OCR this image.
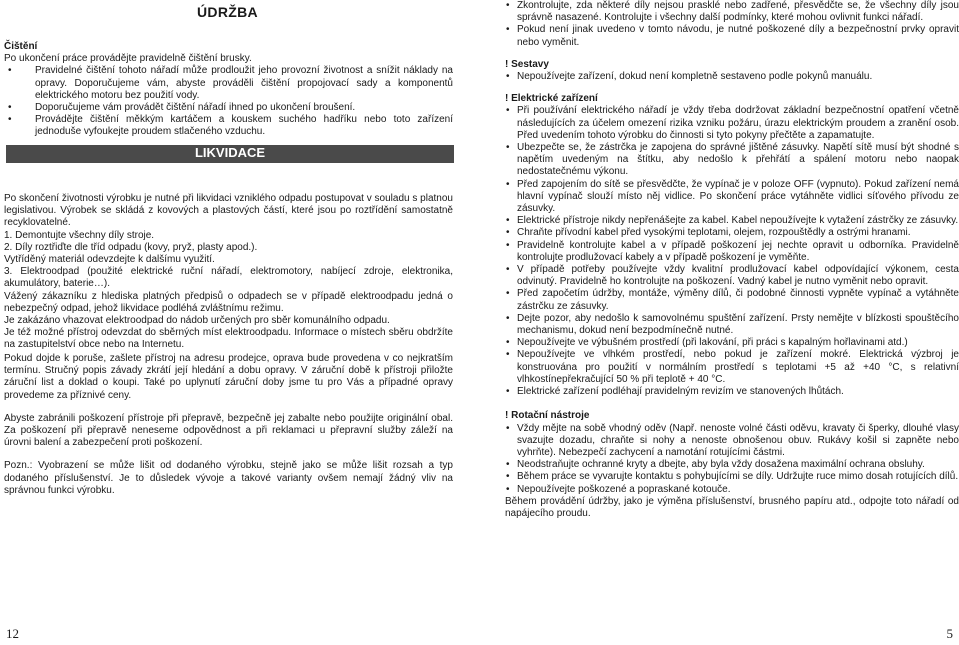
ÚDRŽBA
Čištění

Po ukončení práce provádějte pravidelně čištění brusky.

• Pravidelné čištění tohoto nářadí může prodloužit jeho provozní životnost a snížit náklady na opravy. Doporučujeme vám, abyste prováděli čištění propojovací sady a komponentů elektrického motoru bez použití vody.
• Doporučujeme vám provádět čištění nářadí ihned po ukončení broušení.
• Provádějte čištění měkkým kartáčem a kouskem suchého hadříku nebo toto zařízení jednoduše vyfoukejte proudem stlačeného vzduchu.
LIKVIDACE

Po skončení životnosti výrobku je nutné při likvidaci vzniklého odpadu postupovat v souladu s platnou legislativou. Výrobek se skládá z kovových a plastových částí, které jsou po roztřídění samostatně recyklovatelné.

1. Demontujte všechny díly stroje.

2. Díly roztřiďte dle tříd odpadu (kovy, pryž, plasty apod.).

Vytříděný materiál odevzdejte k dalšímu využití.

3. Elektroodpad (použité elektrické ruční nářadí, elektromotory, nabíjecí zdroje, elektronika, akumulátory, baterie…).

Vážený zákazníku z hlediska platných předpisů o odpadech se v případě elektroodpadu jedná o nebezpečný odpad, jehož likvidace podléhá zvláštnímu režimu.

Je zakázáno vhazovat elektroodpad do nádob určených pro sběr komunálního odpadu.

Je též možné přístroj odevzdat do sběrných míst elektroodpadu. Informace o místech sběru obdržíte na zastupitelství obce nebo na Internetu.

Pokud dojde k poruše, zašlete přístroj na adresu prodejce, oprava bude provedena v co nejkratším termínu. Stručný popis závady zkrátí její hledání a dobu opravy. V záruční době k přístroji přiložte záruční list a doklad o koupi. Také po uplynutí záruční doby jsme tu pro Vás a případné opravy provedeme za příznivé ceny.

Abyste zabránili poškození přístroje při přepravě, bezpečně jej zabalte nebo použijte originální obal. Za poškození při přepravě neneseme odpovědnost a při reklamaci u přepravní služby záleží na úrovni balení a zabezpečení proti poškození.

Pozn.: Vyobrazení se může lišit od dodaného výrobku, stejně jako se může lišit rozsah a typ dodaného příslušenství. Je to důsledek vývoje a takové varianty ovšem nemají žádný vliv na správnou funkci výrobku.

• Zkontrolujte, zda některé díly nejsou prasklé nebo zadřené, přesvědčte se, že všechny díly jsou správně nasazené. Kontrolujte i všechny další podmínky, které mohou ovlivnit funkci nářadí.
• Pokud není jinak uvedeno v tomto návodu, je nutné poškozené díly a bezpečnostní prvky opravit nebo vyměnit.
! Sestavy
• Nepoužívejte zařízení, dokud není kompletně sestaveno podle pokynů manuálu.
! Elektrické zařízení
• Při používání elektrického nářadí je vždy třeba dodržovat základní bezpečnostní opatření včetně následujících za účelem omezení rizika vzniku požáru, úrazu elektrickým proudem a zranění osob. Před uvedením tohoto výrobku do činnosti si tyto pokyny přečtěte a zapamatujte.
• Ubezpečte se, že zástrčka je zapojena do správné jištěné zásuvky. Napětí sítě musí být shodné s napětím uvedeným na štítku, aby nedošlo k přehřátí a spálení motoru nebo naopak nedostatečnému výkonu.
• Před zapojením do sítě se přesvědčte, že vypínač je v poloze OFF (vypnuto). Pokud zařízení nemá hlavní vypínač slouží místo něj vidlice. Po skončení práce vytáhněte vidlici síťového přívodu ze zásuvky.
• Elektrické přístroje nikdy nepřenášejte za kabel. Kabel nepoužívejte k vytažení zástrčky ze zásuvky.
• Chraňte přívodní kabel před vysokými teplotami, olejem, rozpouštědly a ostrými hranami.
• Pravidelně kontrolujte kabel a v případě poškození jej nechte opravit u odborníka. Pravidelně kontrolujte prodlužovací kabely a v případě poškození je vyměňte.
• V případě potřeby používejte vždy kvalitní prodlužovací kabel odpovídající výkonem, cesta odvinutý. Pravidelně ho kontrolujte na poškození. Vadný kabel je nutno vyměnit nebo opravit.
• Před započetím údržby, montáže, výměny dílů, či podobné činnosti vypněte vypínač a vytáhněte zástrčku ze zásuvky.
• Dejte pozor, aby nedošlo k samovolnému spuštění zařízení. Prsty nemějte v blízkosti spouštěcího mechanismu, dokud není bezpodmínečně nutné.
• Nepoužívejte ve výbušném prostředí (při lakování, při práci s kapalným hořlavinami atd.)
• Nepoužívejte ve vlhkém prostředí, nebo pokud je zařízení mokré. Elektrická výzbroj je konstruována pro použití v normálním prostředí s teplotami +5 až +40 °C, s relativní vlhkostínepřekračující 50 % při teplotě + 40 °C.
• Elektrické zařízení podléhají pravidelným revizím ve stanovených lhůtách.
! Rotační nástroje
• Vždy mějte na sobě vhodný oděv (Např. nenoste volné části oděvu, kravaty či šperky, dlouhé vlasy svazujte dozadu, chraňte si nohy a nenoste obnošenou obuv. Rukávy košil si zapněte nebo vyhrňte). Nebezpečí zachycení a namotání rotujícími částmi.
• Neodstraňujte ochranné kryty a dbejte, aby byla vždy dosažena maximální ochrana obsluhy.
• Během práce se vyvarujte kontaktu s pohybujícími se díly. Udržujte ruce mimo dosah rotujících dílů.
• Nepoužívejte poškozené a popraskané kotouče.

Během provádění údržby, jako je výměna příslušenství, brusného papíru atd., odpojte toto nářadí od napájecího proudu.

12	5
